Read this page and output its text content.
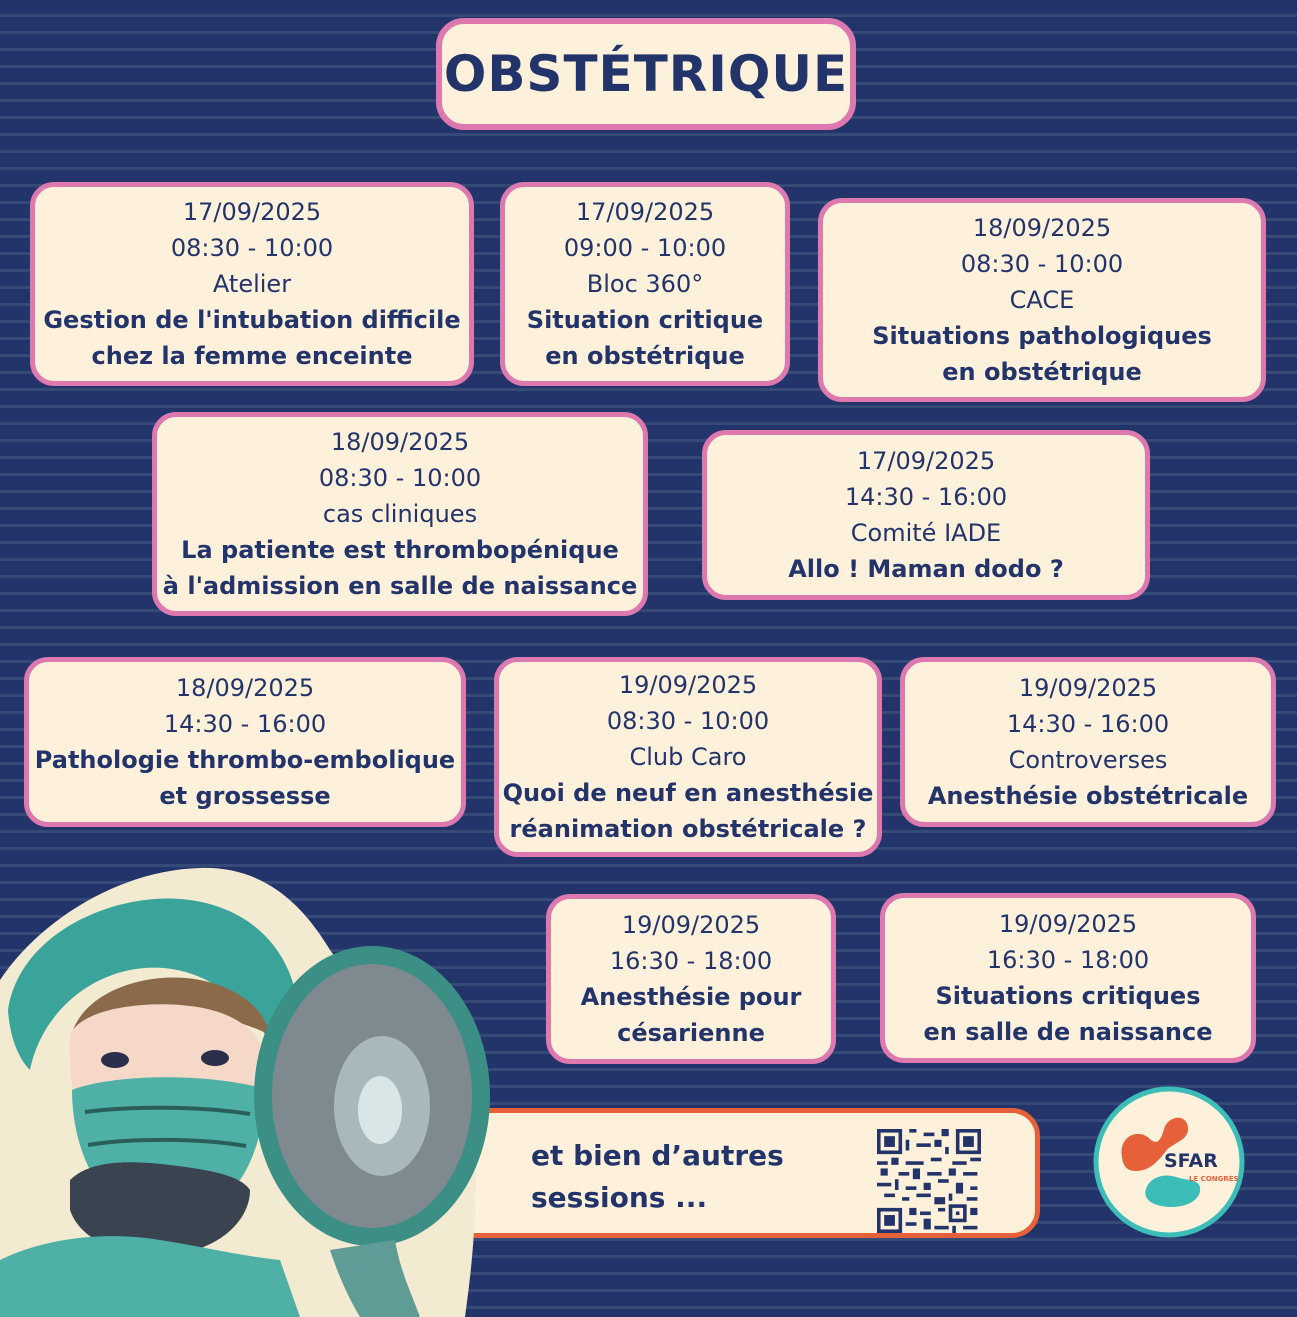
OBSTÉTRIQUE
17/09/2025
08:30 - 10:00
Atelier
Gestion de l'intubation difficile
chez la femme enceinte
17/09/2025
09:00 - 10:00
Bloc 360°
Situation critique
en obstétrique
18/09/2025
08:30 - 10:00
CACE
Situations pathologiques
en obstétrique
18/09/2025
08:30 - 10:00
cas cliniques
La patiente est thrombopénique
à l'admission en salle de naissance
17/09/2025
14:30 - 16:00
Comité IADE
Allo ! Maman dodo ?
18/09/2025
14:30 - 16:00
Pathologie thrombo-embolique
et grossesse
19/09/2025
08:30 - 10:00
Club Caro
Quoi de neuf en anesthésie
réanimation obstétricale ?
19/09/2025
14:30 - 16:00
Controverses
Anesthésie obstétricale
19/09/2025
16:30 - 18:00
Anesthésie pour
césarienne
19/09/2025
16:30 - 18:00
Situations critiques
en salle de naissance
et bien d’autres
sessions ...
SFAR
LE CONGRÈS
